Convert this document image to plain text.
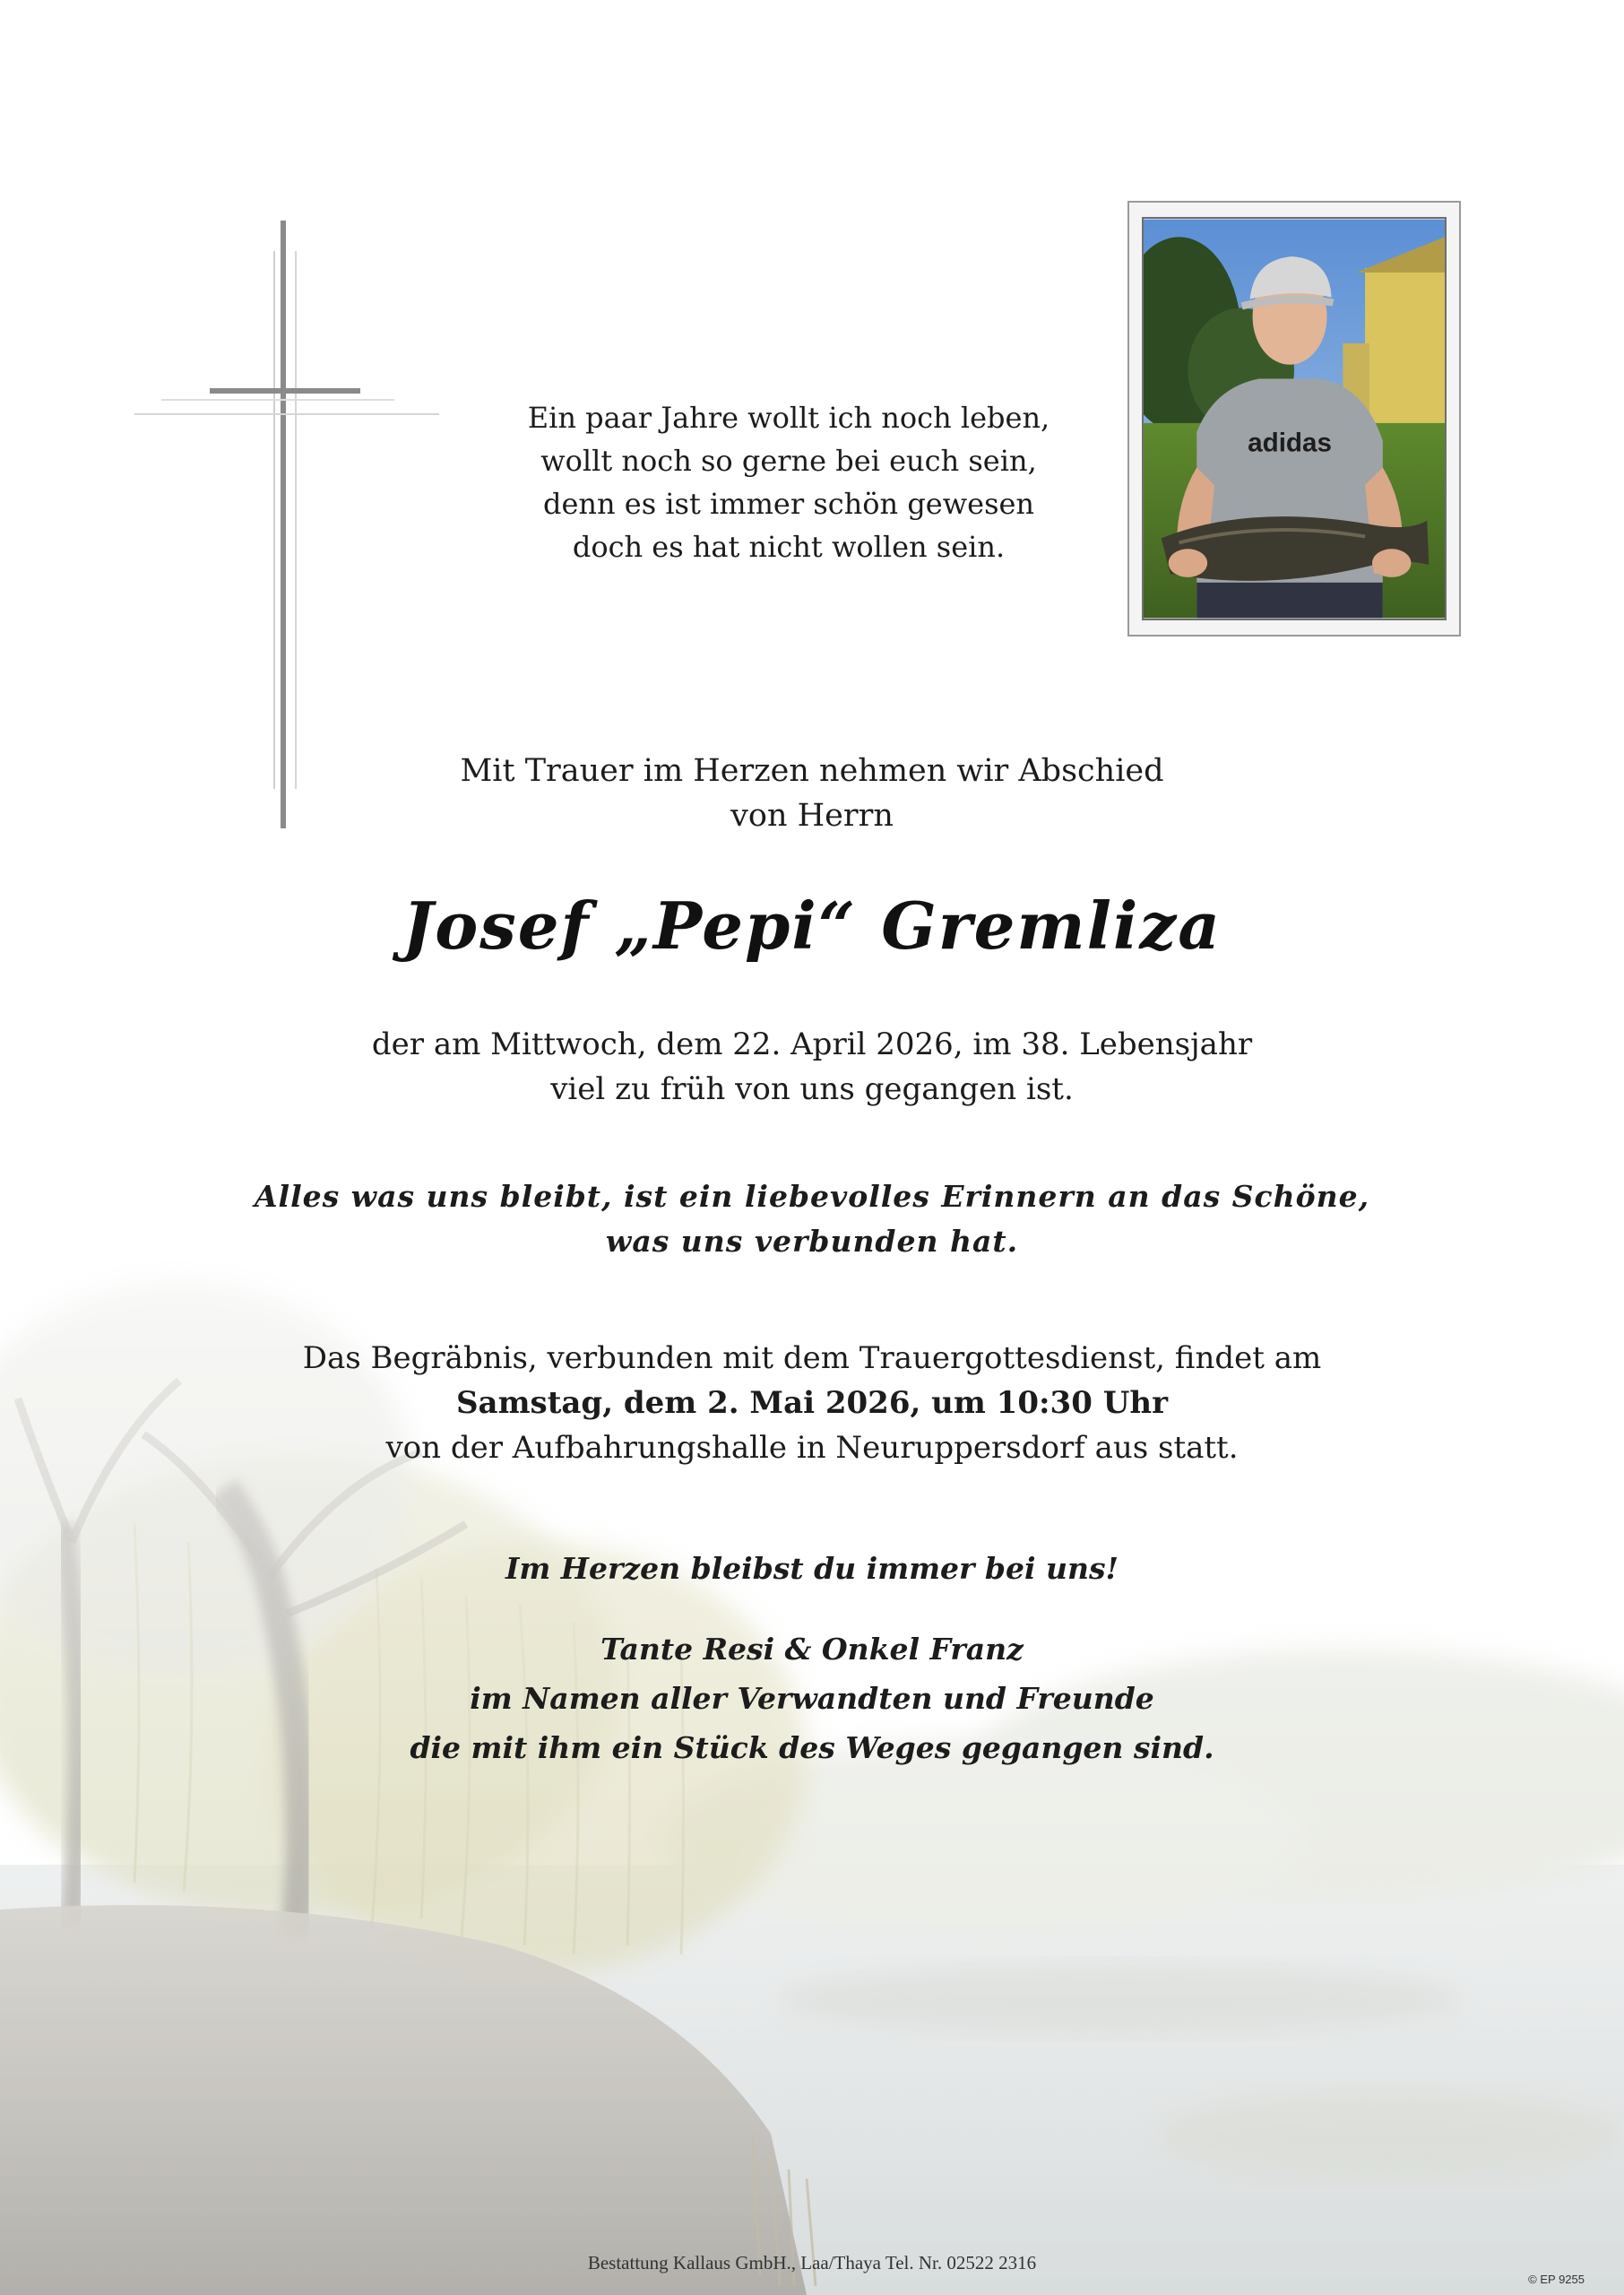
adidas
Ein paar Jahre wollt ich noch leben,
wollt noch so gerne bei euch sein,
denn es ist immer schön gewesen
doch es hat nicht wollen sein.
Mit Trauer im Herzen nehmen wir Abschied
von Herrn
Josef „Pepi“ Gremliza
der am Mittwoch, dem 22. April 2026, im 38. Lebensjahr
viel zu früh von uns gegangen ist.
Alles was uns bleibt, ist ein liebevolles Erinnern an das Schöne,
was uns verbunden hat.
Das Begräbnis, verbunden mit dem Trauergottesdienst, findet am
Samstag, dem 2. Mai 2026, um 10:30 Uhr
von der Aufbahrungshalle in Neuruppersdorf aus statt.
Im Herzen bleibst du immer bei uns!
Tante Resi & Onkel Franz
im Namen aller Verwandten und Freunde
die mit ihm ein Stück des Weges gegangen sind.
Bestattung Kallaus GmbH., Laa/Thaya Tel. Nr. 02522 2316
© EP 9255
